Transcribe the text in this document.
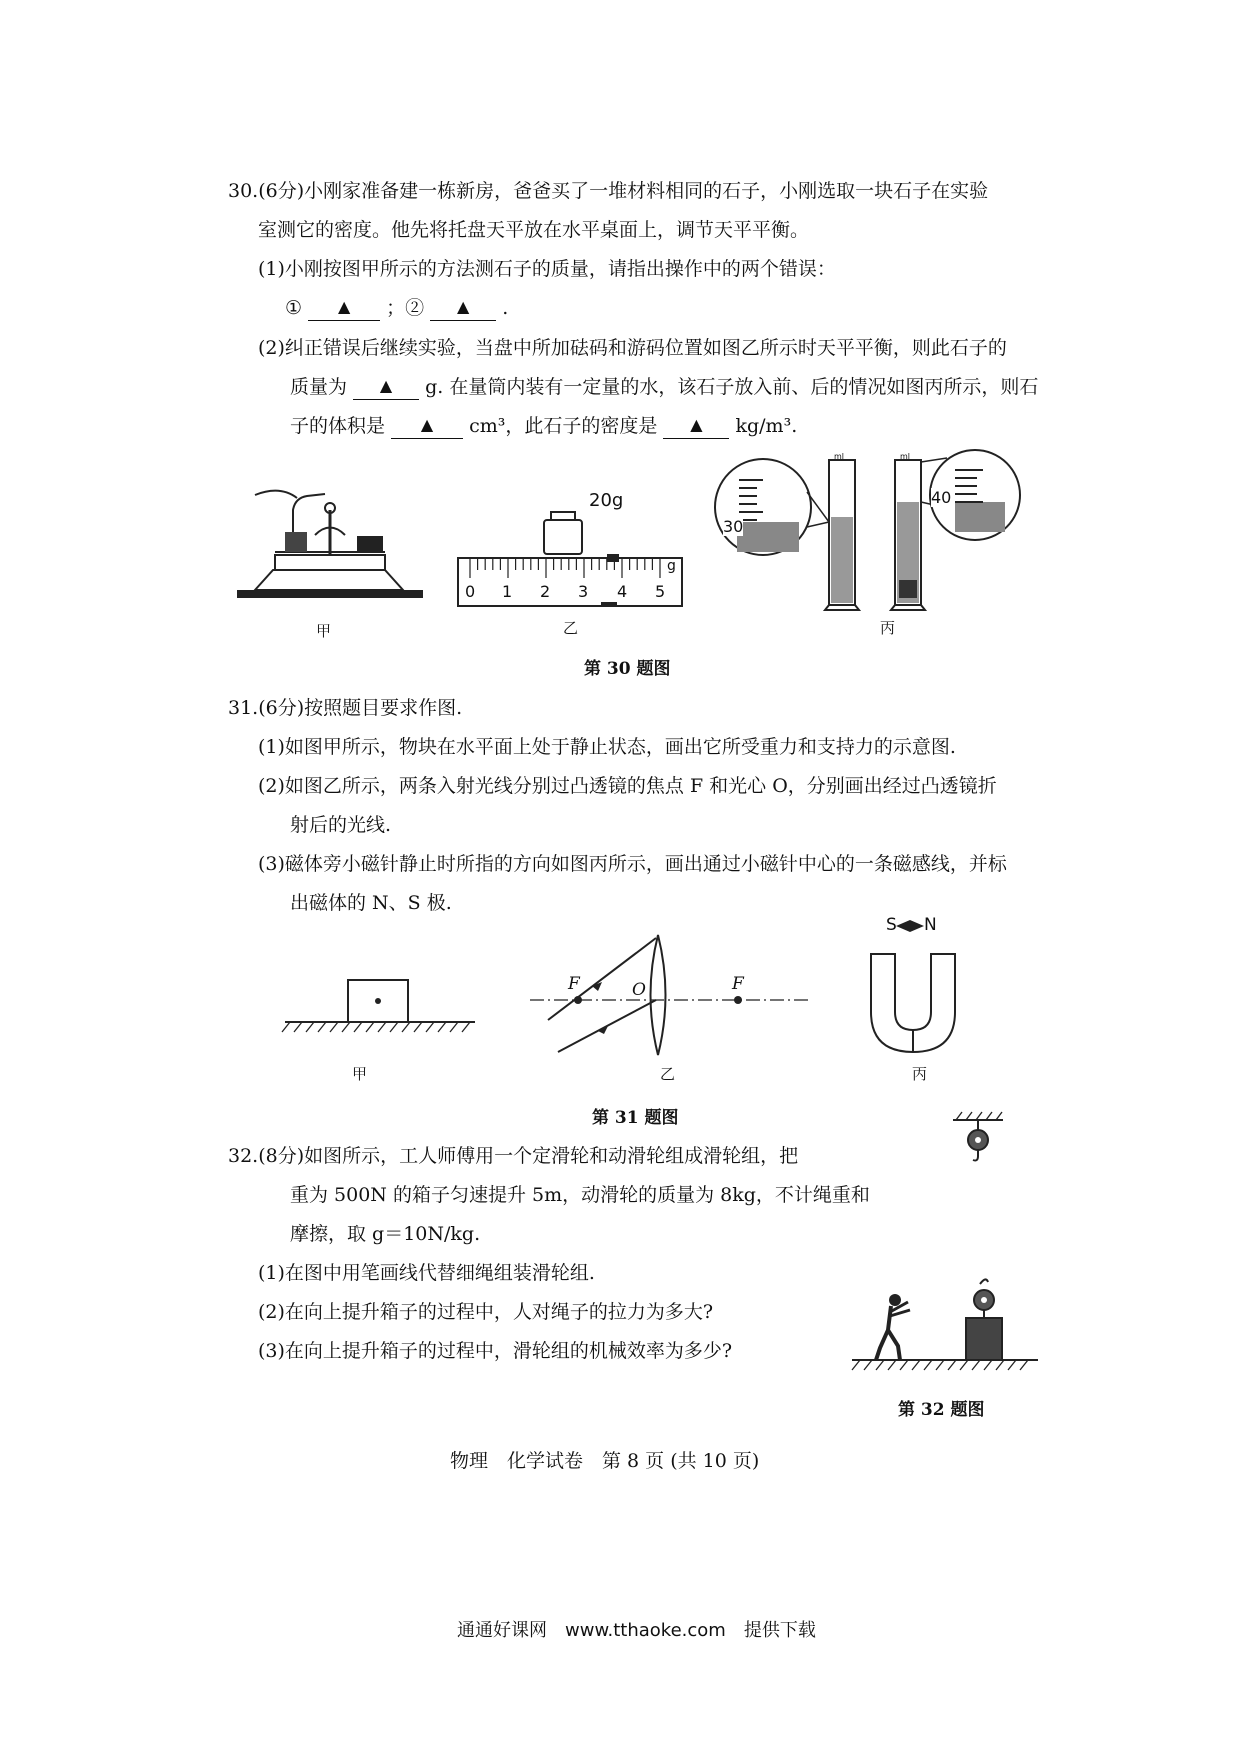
30.(6分)小刚家准备建一栋新房，爸爸买了一堆材料相同的石子，小刚选取一块石子在实验
室测它的密度。他先将托盘天平放在水平桌面上，调节天平平衡。
(1)小刚按图甲所示的方法测石子的质量，请指出操作中的两个错误：
① ▲ ；② ▲ .
(2)纠正错误后继续实验，当盘中所加砝码和游码位置如图乙所示时天平平衡，则此石子的
质量为 ▲ g. 在量筒内装有一定量的水，该石子放入前、后的情况如图丙所示，则石
子的体积是 ▲ cm³，此石子的密度是 ▲ kg/m³.
甲
20g
g
0 1 2 3 4 5
乙
30
40
ml	ml
丙
第 30 题图
31.(6分)按照题目要求作图.
(1)如图甲所示，物块在水平面上处于静止状态，画出它所受重力和支持力的示意图.
(2)如图乙所示，两条入射光线分别过凸透镜的焦点 F 和光心 O，分别画出经过凸透镜折
射后的光线.
(3)磁体旁小磁针静止时所指的方向如图丙所示，画出通过小磁针中心的一条磁感线，并标
出磁体的 N、S 极.
甲
F	O	F
乙
S N
丙
第 31 题图
32.(8分)如图所示，工人师傅用一个定滑轮和动滑轮组成滑轮组，把
重为 500N 的箱子匀速提升 5m，动滑轮的质量为 8kg，不计绳重和
摩擦，取 g＝10N/kg.
(1)在图中用笔画线代替细绳组装滑轮组.
(2)在向上提升箱子的过程中，人对绳子的拉力为多大?
(3)在向上提升箱子的过程中，滑轮组的机械效率为多少?
第 32 题图
物理　化学试卷　第 8 页 (共 10 页)
通通好课网　www.tthaoke.com　提供下载
